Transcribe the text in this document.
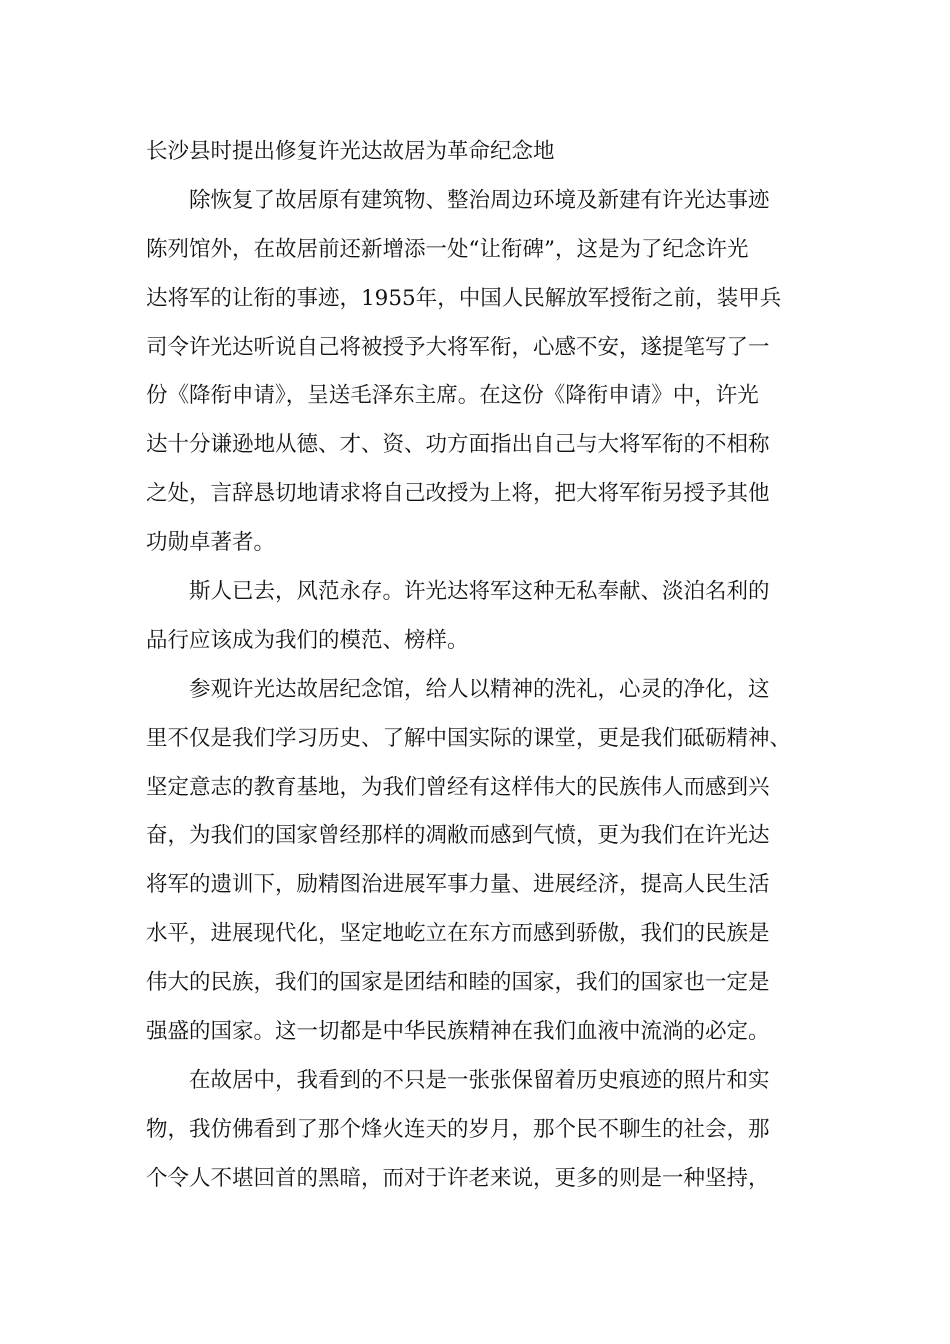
长沙县时提出修复许光达故居为革命纪念地
除恢复了故居原有建筑物、整治周边环境及新建有许光达事迹
陈列馆外，在故居前还新增添一处“让衔碑”，这是为了纪念许光
达将军的让衔的事迹，1955年，中国人民解放军授衔之前，装甲兵
司令许光达听说自己将被授予大将军衔，心感不安，遂提笔写了一
份《降衔申请》，呈送毛泽东主席。在这份《降衔申请》中，许光
达十分谦逊地从德、才、资、功方面指出自己与大将军衔的不相称
之处，言辞恳切地请求将自己改授为上将，把大将军衔另授予其他
功勋卓著者。
斯人已去，风范永存。许光达将军这种无私奉献、淡泊名利的
品行应该成为我们的模范、榜样。
参观许光达故居纪念馆，给人以精神的洗礼，心灵的净化，这
里不仅是我们学习历史、了解中国实际的课堂，更是我们砥砺精神、
坚定意志的教育基地，为我们曾经有这样伟大的民族伟人而感到兴
奋，为我们的国家曾经那样的凋敝而感到气愤，更为我们在许光达
将军的遗训下，励精图治进展军事力量、进展经济，提高人民生活
水平，进展现代化，坚定地屹立在东方而感到骄傲，我们的民族是
伟大的民族，我们的国家是团结和睦的国家，我们的国家也一定是
强盛的国家。这一切都是中华民族精神在我们血液中流淌的必定。
在故居中，我看到的不只是一张张保留着历史痕迹的照片和实
物，我仿佛看到了那个烽火连天的岁月，那个民不聊生的社会，那
个令人不堪回首的黑暗，而对于许老来说，更多的则是一种坚持，
